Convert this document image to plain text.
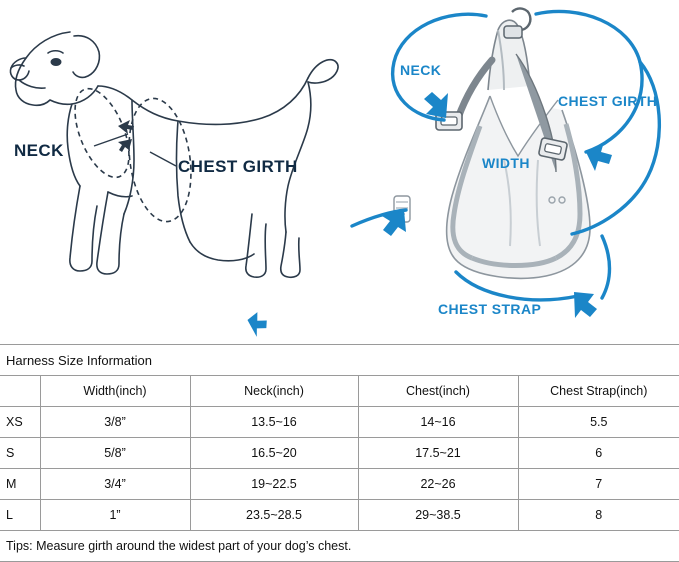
NECK
CHEST GIRTH
NECK
CHEST GIRTH
WIDTH
CHEST STRAP
Harness Size Information				
	Width(inch)	Neck(inch)	Chest(inch)	Chest Strap(inch)
XS	3/8”	13.5~16	14~16	5.5
S	5/8”	16.5~20	17.5~21	6
M	3/4”	19~22.5	22~26	7
L	1”	23.5~28.5	29~38.5	8
Tips: Measure girth around the widest part of your dog’s chest.				
